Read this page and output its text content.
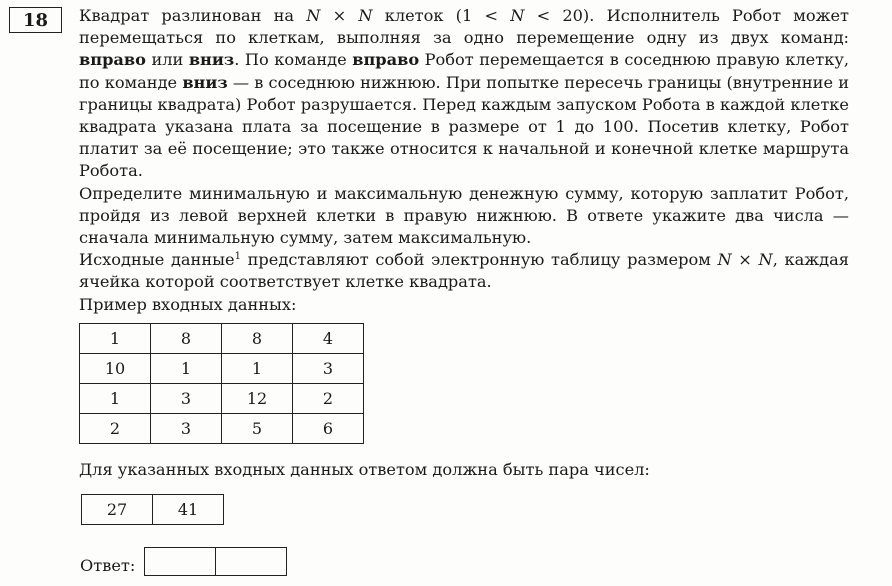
18	Квадрат разлинован на N × N клеток (1 < N < 20). Исполнитель Робот может перемещаться по клеткам, выполняя за одно перемещение одну из двух команд: вправо или вниз. По команде вправо Робот перемещается в соседнюю правую клетку, по команде вниз — в соседнюю нижнюю. При попытке пересечь границы (внутренние и границы квадрата) Робот разрушается. Перед каждым запуском Робота в каждой клетке квадрата указана плата за посещение в размере от 1 до 100. Посетив клетку, Робот платит за её посещение; это также относится к начальной и конечной клетке маршрута Робота.

Определите минимальную и максимальную денежную сумму, которую заплатит Робот, пройдя из левой верхней клетки в правую нижнюю. В ответе укажите два числа — сначала минимальную сумму, затем максимальную.

Исходные данные$^1$ представляют собой электронную таблицу размером N × N, каждая ячейка которой соответствует клетке квадрата.

Пример входных данных:

1	8	8	4
10	1	1	3
1	3	12	2
2	3	5	6
Для указанных входных данных ответом должна быть пара чисел:
27	41
Ответ:
